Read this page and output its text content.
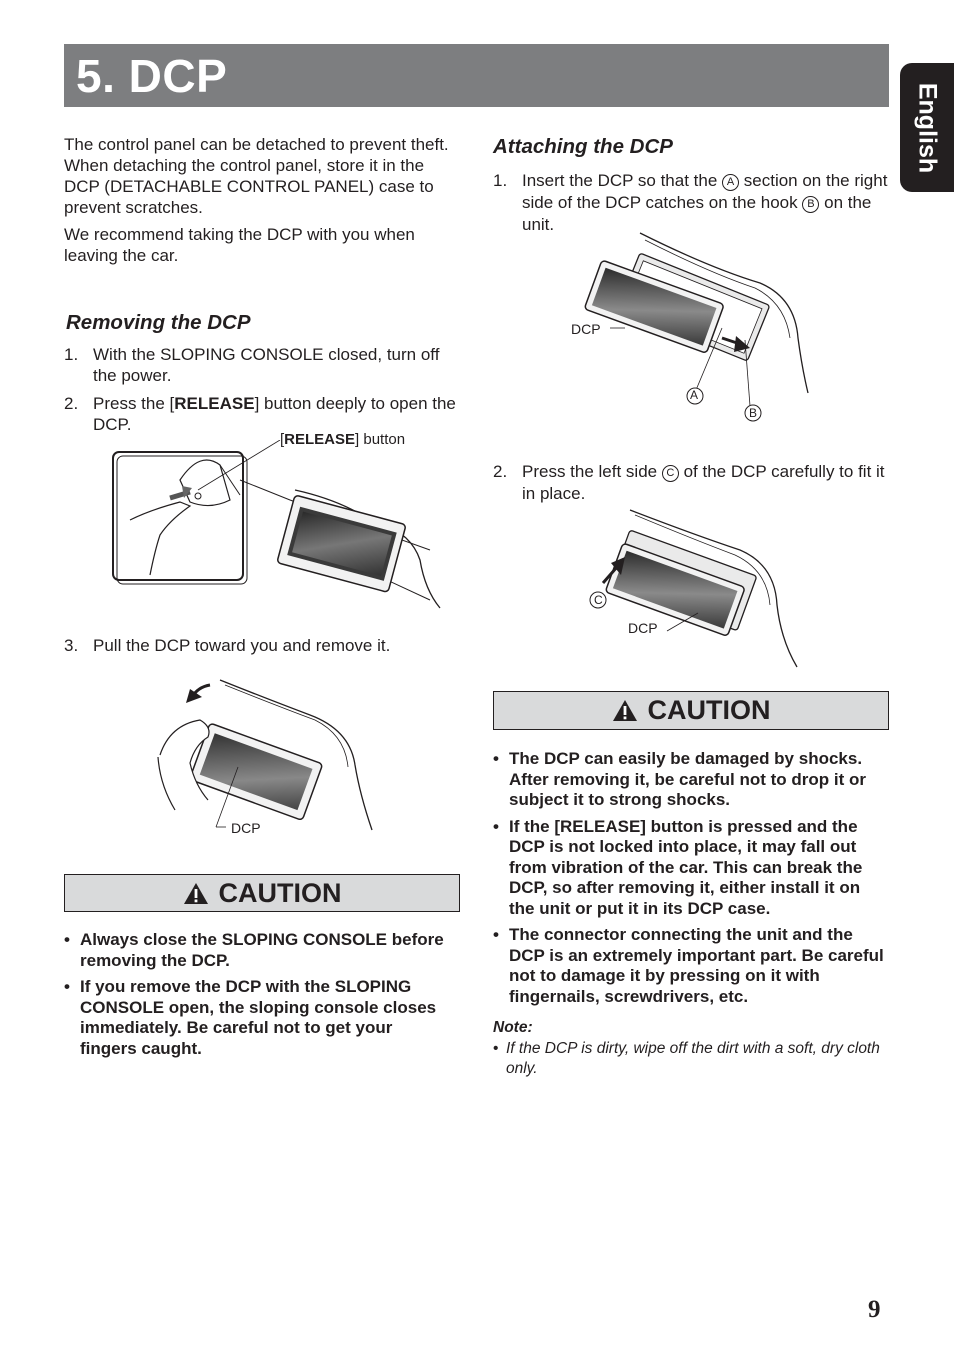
5. DCP
English

The control panel can be detached to prevent theft. When detaching the control panel, store it in the DCP (DETACHABLE CONTROL PANEL) case to prevent scratches.

We recommend taking the DCP with you when leaving the car.

Removing the DCP
1. With the SLOPING CONSOLE closed, turn off the power.
2. Press the [RELEASE] button deeply to open the DCP.
[RELEASE] button
3. Pull the DCP toward you and remove it.
DCP
CAUTION
• Always close the SLOPING CONSOLE before removing the DCP.
• If you remove the DCP with the SLOPING CONSOLE open, the sloping console closes immediately. Be careful not to get your fingers caught.
Attaching the DCP
1. Insert the DCP so that the A section on the right side of the DCP catches on the hook B on the unit.
DCP
A
B
2. Press the left side C of the DCP carefully to fit it in place.
C
DCP
CAUTION
• The DCP can easily be damaged by shocks. After removing it, be careful not to drop it or subject it to strong shocks.
• If the [RELEASE] button is pressed and the DCP is not locked into place, it may fall out from vibration of the car. This can break the DCP, so after removing it, either install it on the unit or put it in its DCP case.
• The connector connecting the unit and the DCP is an extremely important part. Be careful not to damage it by pressing on it with fingernails, screwdrivers, etc.
Note:
• If the DCP is dirty, wipe off the dirt with a soft, dry cloth only.
9
